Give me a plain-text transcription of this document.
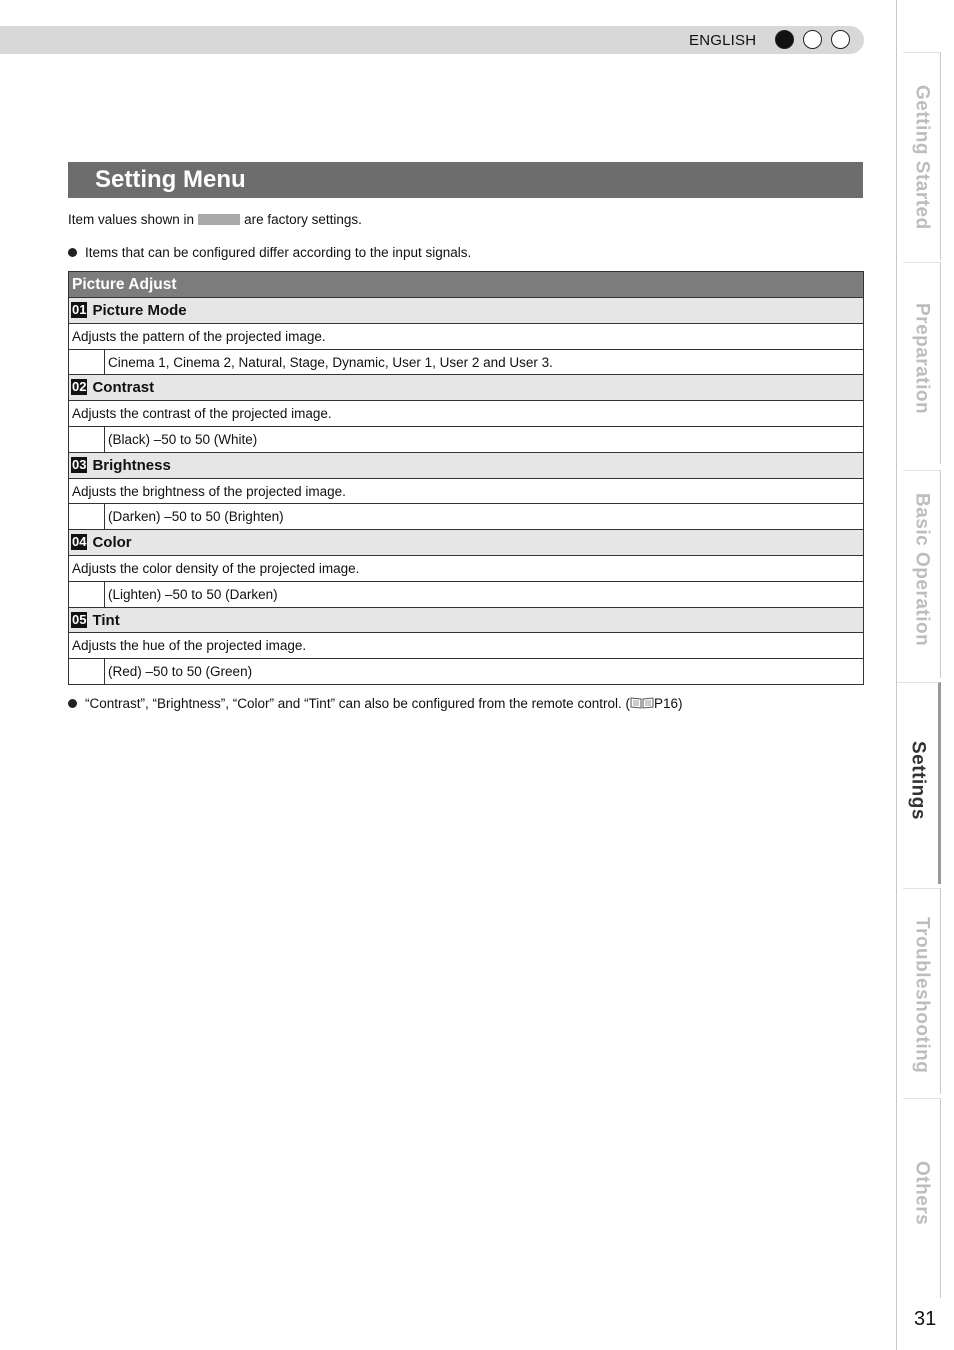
ENGLISH
Setting Menu
Item values shown in	are factory settings.
Items that can be configured differ according to the input signals.
Picture Adjust
01 Picture Mode
Adjusts the pattern of the projected image.
Cinema 1, Cinema 2, Natural, Stage, Dynamic, User 1, User 2 and User 3.
02 Contrast
Adjusts the contrast of the projected image.
(Black) –50 to 50 (White)
03 Brightness
Adjusts the brightness of the projected image.
(Darken) –50 to 50 (Brighten)
04 Color
Adjusts the color density of the projected image.
(Lighten) –50 to 50 (Darken)
05 Tint
Adjusts the hue of the projected image.
(Red) –50 to 50 (Green)
“Contrast”, “Brightness”, “Color” and “Tint” can also be configured from the remote control. ( P16)
Getting Started
Preparation
Basic Operation
Settings
Troubleshooting
Others
31
